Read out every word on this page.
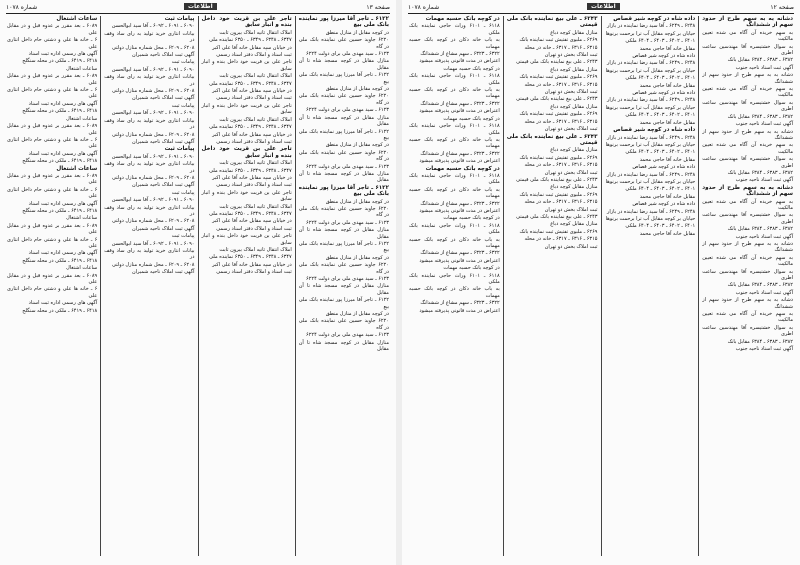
صفحه ۱۳
اطلاعات
شماره ۱۰۷۸

۶۱۲۲ ـ تاجر آقا میرزا پور نماینده بانک ملی بیع

در کوچه مقابل از منازل منطق

۶۲۲۰ جاوید حسین علی نماینده بانک ملی در گاه

۶۱۲۳ ـ سید مهدی ملی برای دولت ۶۲۲۴

منازل مقابل در کوچه مسجد شاه تا آن مقابل

۶۱۲۲ ـ تاجر آقا میرزا پور نماینده بانک ملی بیع

در کوچه مقابل از منازل منطق

۶۲۲۰ جاوید حسین علی نماینده بانک ملی در گاه

۶۱۲۳ ـ سید مهدی ملی برای دولت ۶۲۲۴

منازل مقابل در کوچه مسجد شاه تا آن مقابل

۶۱۲۲ ـ تاجر آقا میرزا پور نماینده بانک ملی بیع

در کوچه مقابل از منازل منطق

۶۲۲۰ جاوید حسین علی نماینده بانک ملی در گاه

۶۱۲۳ ـ سید مهدی ملی برای دولت ۶۲۲۴

منازل مقابل در کوچه مسجد شاه تا آن مقابل

۶۱۲۲ ـ تاجر آقا میرزا پور نماینده بانک ملی بیع

در کوچه مقابل از منازل منطق

۶۲۲۰ جاوید حسین علی نماینده بانک ملی در گاه

۶۱۲۳ ـ سید مهدی ملی برای دولت ۶۲۲۴

منازل مقابل در کوچه مسجد شاه تا آن مقابل

۶۱۲۲ ـ تاجر آقا میرزا پور نماینده بانک ملی بیع

در کوچه مقابل از منازل منطق

۶۲۲۰ جاوید حسین علی نماینده بانک ملی در گاه

۶۱۲۳ ـ سید مهدی ملی برای دولت ۶۲۲۴

منازل مقابل در کوچه مسجد شاه تا آن مقابل

۶۱۲۲ ـ تاجر آقا میرزا پور نماینده بانک ملی بیع

در کوچه مقابل از منازل منطق

۶۲۲۰ جاوید حسین علی نماینده بانک ملی در گاه

۶۱۲۳ ـ سید مهدی ملی برای دولت ۶۲۲۴

منازل مقابل در کوچه مسجد شاه تا آن مقابل

تاجر علی بن قربت خود داخل بنده و انبار سابق

املاک انتقال ثانیه املاک بیرون ثابت

۶۳۴۷ ـ ۶۳۴۸ ـ ۶۳۴۹ ـ ۶۳۵۰ نماینده ملی

در خیابان سپه مقابل خانه آقا علی اکبر

ثبت اسناد و املاک دفتر اسناد رسمی

تاجر علی بن قربت خود داخل بنده و انبار سابق

املاک انتقال ثانیه املاک بیرون ثابت

۶۳۴۷ ـ ۶۳۴۸ ـ ۶۳۴۹ ـ ۶۳۵۰ نماینده ملی

در خیابان سپه مقابل خانه آقا علی اکبر

ثبت اسناد و املاک دفتر اسناد رسمی

تاجر علی بن قربت خود داخل بنده و انبار سابق

املاک انتقال ثانیه املاک بیرون ثابت

۶۳۴۷ ـ ۶۳۴۸ ـ ۶۳۴۹ ـ ۶۳۵۰ نماینده ملی

در خیابان سپه مقابل خانه آقا علی اکبر

ثبت اسناد و املاک دفتر اسناد رسمی

تاجر علی بن قربت خود داخل بنده و انبار سابق

املاک انتقال ثانیه املاک بیرون ثابت

۶۳۴۷ ـ ۶۳۴۸ ـ ۶۳۴۹ ـ ۶۳۵۰ نماینده ملی

در خیابان سپه مقابل خانه آقا علی اکبر

ثبت اسناد و املاک دفتر اسناد رسمی

تاجر علی بن قربت خود داخل بنده و انبار سابق

املاک انتقال ثانیه املاک بیرون ثابت

۶۳۴۷ ـ ۶۳۴۸ ـ ۶۳۴۹ ـ ۶۳۵۰ نماینده ملی

در خیابان سپه مقابل خانه آقا علی اکبر

ثبت اسناد و املاک دفتر اسناد رسمی

تاجر علی بن قربت خود داخل بنده و انبار سابق

املاک انتقال ثانیه املاک بیرون ثابت

۶۳۴۷ ـ ۶۳۴۸ ـ ۶۳۴۹ ـ ۶۳۵۰ نماینده ملی

در خیابان سپه مقابل خانه آقا علی اکبر

ثبت اسناد و املاک دفتر اسناد رسمی

پیامات ثبت

۶۰۹۰ ـ ۶۰۹۱ ـ ۶۰۹۲ ـ آقا سید ابوالحسن

بیانات انتاری خرید تولید به رای ساد وقف در

۶۲۰۸ ـ ۶۲۰۹ ـ محل شماره منازل دولتی

آگهی ثبت املاک ناحیه شمیران

پیامات ثبت

۶۰۹۰ ـ ۶۰۹۱ ـ ۶۰۹۲ ـ آقا سید ابوالحسن

بیانات انتاری خرید تولید به رای ساد وقف در

۶۲۰۸ ـ ۶۲۰۹ ـ محل شماره منازل دولتی

آگهی ثبت املاک ناحیه شمیران

پیامات ثبت

۶۰۹۰ ـ ۶۰۹۱ ـ ۶۰۹۲ ـ آقا سید ابوالحسن

بیانات انتاری خرید تولید به رای ساد وقف در

۶۲۰۸ ـ ۶۲۰۹ ـ محل شماره منازل دولتی

آگهی ثبت املاک ناحیه شمیران

پیامات ثبت

۶۰۹۰ ـ ۶۰۹۱ ـ ۶۰۹۲ ـ آقا سید ابوالحسن

بیانات انتاری خرید تولید به رای ساد وقف در

۶۲۰۸ ـ ۶۲۰۹ ـ محل شماره منازل دولتی

آگهی ثبت املاک ناحیه شمیران

پیامات ثبت

۶۰۹۰ ـ ۶۰۹۱ ـ ۶۰۹۲ ـ آقا سید ابوالحسن

بیانات انتاری خرید تولید به رای ساد وقف در

۶۲۰۸ ـ ۶۲۰۹ ـ محل شماره منازل دولتی

آگهی ثبت املاک ناحیه شمیران

پیامات ثبت

۶۰۹۰ ـ ۶۰۹۱ ـ ۶۰۹۲ ـ آقا سید ابوالحسن

بیانات انتاری خرید تولید به رای ساد وقف در

۶۲۰۸ ـ ۶۲۰۹ ـ محل شماره منازل دولتی

آگهی ثبت املاک ناحیه شمیران

ساعات اشتغال

۶۰۸۹ ـ بعد مقرر بر عدوه قبل و در مقابل علی

۶ ـ خانه ها علی و دشتی حام داخل انتاری علی

آگهی های رسمی اداره ثبت اسناد

۶۴۱۸ ـ ۶۴۱۹ ـ ملکی در محله سنگلج

ساعات اشتغال

۶۰۸۹ ـ بعد مقرر بر عدوه قبل و در مقابل علی

۶ ـ خانه ها علی و دشتی حام داخل انتاری علی

آگهی های رسمی اداره ثبت اسناد

۶۴۱۸ ـ ۶۴۱۹ ـ ملکی در محله سنگلج

ساعات اشتغال

۶۰۸۹ ـ بعد مقرر بر عدوه قبل و در مقابل علی

۶ ـ خانه ها علی و دشتی حام داخل انتاری علی

آگهی های رسمی اداره ثبت اسناد

۶۴۱۸ ـ ۶۴۱۹ ـ ملکی در محله سنگلج

ساعات اشتغال

۶۰۸۹ ـ بعد مقرر بر عدوه قبل و در مقابل علی

۶ ـ خانه ها علی و دشتی حام داخل انتاری علی

آگهی های رسمی اداره ثبت اسناد

۶۴۱۸ ـ ۶۴۱۹ ـ ملکی در محله سنگلج

ساعات اشتغال

۶۰۸۹ ـ بعد مقرر بر عدوه قبل و در مقابل علی

۶ ـ خانه ها علی و دشتی حام داخل انتاری علی

آگهی های رسمی اداره ثبت اسناد

۶۴۱۸ ـ ۶۴۱۹ ـ ملکی در محله سنگلج

ساعات اشتغال

۶۰۸۹ ـ بعد مقرر بر عدوه قبل و در مقابل علی

۶ ـ خانه ها علی و دشتی حام داخل انتاری علی

آگهی های رسمی اداره ثبت اسناد

۶۴۱۸ ـ ۶۴۱۹ ـ ملکی در محله سنگلج

صفحه ۱۲
اطلاعات
شماره ۱۰۷۸

دشانه به به سهم طرح از حدود سهم از ششدانگ

به سهم خریده آن آگاه می شده تعیین مالکیت

به سوال خشتیسره آقا مهندسین ساعت اطری

۶۳۸۲ ـ ۶۳۸۳ ـ ۶۳۸۴ مقابل بانک

آگهی ثبت اسناد ناحیه جنوب

دشانه به به سهم طرح از حدود سهم از ششدانگ

به سهم خریده آن آگاه می شده تعیین مالکیت

به سوال خشتیسره آقا مهندسین ساعت اطری

۶۳۸۲ ـ ۶۳۸۳ ـ ۶۳۸۴ مقابل بانک

آگهی ثبت اسناد ناحیه جنوب

دشانه به به سهم طرح از حدود سهم از ششدانگ

به سهم خریده آن آگاه می شده تعیین مالکیت

به سوال خشتیسره آقا مهندسین ساعت اطری

۶۳۸۲ ـ ۶۳۸۳ ـ ۶۳۸۴ مقابل بانک

آگهی ثبت اسناد ناحیه جنوب

دشانه به به سهم طرح از حدود سهم از ششدانگ

به سهم خریده آن آگاه می شده تعیین مالکیت

به سوال خشتیسره آقا مهندسین ساعت اطری

۶۳۸۲ ـ ۶۳۸۳ ـ ۶۳۸۴ مقابل بانک

آگهی ثبت اسناد ناحیه جنوب

دشانه به به سهم طرح از حدود سهم از ششدانگ

به سهم خریده آن آگاه می شده تعیین مالکیت

به سوال خشتیسره آقا مهندسین ساعت اطری

۶۳۸۲ ـ ۶۳۸۳ ـ ۶۳۸۴ مقابل بانک

آگهی ثبت اسناد ناحیه جنوب

دشانه به به سهم طرح از حدود سهم از ششدانگ

به سهم خریده آن آگاه می شده تعیین مالکیت

به سوال خشتیسره آقا مهندسین ساعت اطری

۶۳۸۲ ـ ۶۳۸۳ ـ ۶۳۸۴ مقابل بانک

آگهی ثبت اسناد ناحیه جنوب

داده شاه در کوچه شیر قصاص

۶۲۴۸ ـ ۶۲۴۹ ـ آقا سید رضا نماینده در بازار

حیابان بر کوچه مقابل آب ترا برحمت برنوها

۶۴۰۱ ـ ۶۴۰۲ ـ ۶۴۰۳ ـ ۶۴۰۴ ملکی

مقابل خانه آقا حاجی محمد

داده شاه در کوچه شیر قصاص

۶۲۴۸ ـ ۶۲۴۹ ـ آقا سید رضا نماینده در بازار

حیابان بر کوچه مقابل آب ترا برحمت برنوها

۶۴۰۱ ـ ۶۴۰۲ ـ ۶۴۰۳ ـ ۶۴۰۴ ملکی

مقابل خانه آقا حاجی محمد

داده شاه در کوچه شیر قصاص

۶۲۴۸ ـ ۶۲۴۹ ـ آقا سید رضا نماینده در بازار

حیابان بر کوچه مقابل آب ترا برحمت برنوها

۶۴۰۱ ـ ۶۴۰۲ ـ ۶۴۰۳ ـ ۶۴۰۴ ملکی

مقابل خانه آقا حاجی محمد

داده شاه در کوچه شیر قصاص

۶۲۴۸ ـ ۶۲۴۹ ـ آقا سید رضا نماینده در بازار

حیابان بر کوچه مقابل آب ترا برحمت برنوها

۶۴۰۱ ـ ۶۴۰۲ ـ ۶۴۰۳ ـ ۶۴۰۴ ملکی

مقابل خانه آقا حاجی محمد

داده شاه در کوچه شیر قصاص

۶۲۴۸ ـ ۶۲۴۹ ـ آقا سید رضا نماینده در بازار

حیابان بر کوچه مقابل آب ترا برحمت برنوها

۶۴۰۱ ـ ۶۴۰۲ ـ ۶۴۰۳ ـ ۶۴۰۴ ملکی

مقابل خانه آقا حاجی محمد

داده شاه در کوچه شیر قصاص

۶۲۴۸ ـ ۶۲۴۹ ـ آقا سید رضا نماینده در بازار

حیابان بر کوچه مقابل آب ترا برحمت برنوها

۶۴۰۱ ـ ۶۴۰۲ ـ ۶۴۰۳ ـ ۶۴۰۴ ملکی

مقابل خانه آقا حاجی محمد

۶۲۴۳ ـ علی بیغ نماینده بانک ملی قیمتی

منازل مقابل کوچه دباغ

۶۲۶۹ ـ ملبوی تفتیش ثبت نماینده بانک

۶۳۱۵ ـ ۶۳۱۶ ـ ۶۳۱۷ ـ خانه در محله

ثبت املاک بخش دو تهران

۶۲۴۳ ـ علی بیغ نماینده بانک ملی قیمتی

منازل مقابل کوچه دباغ

۶۲۶۹ ـ ملبوی تفتیش ثبت نماینده بانک

۶۳۱۵ ـ ۶۳۱۶ ـ ۶۳۱۷ ـ خانه در محله

ثبت املاک بخش دو تهران

۶۲۴۳ ـ علی بیغ نماینده بانک ملی قیمتی

منازل مقابل کوچه دباغ

۶۲۶۹ ـ ملبوی تفتیش ثبت نماینده بانک

۶۳۱۵ ـ ۶۳۱۶ ـ ۶۳۱۷ ـ خانه در محله

ثبت املاک بخش دو تهران

۶۲۴۳ ـ علی بیغ نماینده بانک ملی قیمتی

منازل مقابل کوچه دباغ

۶۲۶۹ ـ ملبوی تفتیش ثبت نماینده بانک

۶۳۱۵ ـ ۶۳۱۶ ـ ۶۳۱۷ ـ خانه در محله

ثبت املاک بخش دو تهران

۶۲۴۳ ـ علی بیغ نماینده بانک ملی قیمتی

منازل مقابل کوچه دباغ

۶۲۶۹ ـ ملبوی تفتیش ثبت نماینده بانک

۶۳۱۵ ـ ۶۳۱۶ ـ ۶۳۱۷ ـ خانه در محله

ثبت املاک بخش دو تهران

۶۲۴۳ ـ علی بیغ نماینده بانک ملی قیمتی

منازل مقابل کوچه دباغ

۶۲۶۹ ـ ملبوی تفتیش ثبت نماینده بانک

۶۳۱۵ ـ ۶۳۱۶ ـ ۶۳۱۷ ـ خانه در محله

ثبت املاک بخش دو تهران

در کوچه بانک حسبه مهمات

۶۱۱۸ ـ ۶۱۰۱ وراث حاجی نماینده بانک ملکی

به باب خانه دکان در کوچه بانک حسبه مهمات

۶۳۲۲ ـ ۶۳۲۳ ـ سهم مشاع از ششدانگ

اعتراض در مدت قانونی پذیرفته میشود

در کوچه بانک حسبه مهمات

۶۱۱۸ ـ ۶۱۰۱ وراث حاجی نماینده بانک ملکی

به باب خانه دکان در کوچه بانک حسبه مهمات

۶۳۲۲ ـ ۶۳۲۳ ـ سهم مشاع از ششدانگ

اعتراض در مدت قانونی پذیرفته میشود

در کوچه بانک حسبه مهمات

۶۱۱۸ ـ ۶۱۰۱ وراث حاجی نماینده بانک ملکی

به باب خانه دکان در کوچه بانک حسبه مهمات

۶۳۲۲ ـ ۶۳۲۳ ـ سهم مشاع از ششدانگ

اعتراض در مدت قانونی پذیرفته میشود

در کوچه بانک حسبه مهمات

۶۱۱۸ ـ ۶۱۰۱ وراث حاجی نماینده بانک ملکی

به باب خانه دکان در کوچه بانک حسبه مهمات

۶۳۲۲ ـ ۶۳۲۳ ـ سهم مشاع از ششدانگ

اعتراض در مدت قانونی پذیرفته میشود

در کوچه بانک حسبه مهمات

۶۱۱۸ ـ ۶۱۰۱ وراث حاجی نماینده بانک ملکی

به باب خانه دکان در کوچه بانک حسبه مهمات

۶۳۲۲ ـ ۶۳۲۳ ـ سهم مشاع از ششدانگ

اعتراض در مدت قانونی پذیرفته میشود

در کوچه بانک حسبه مهمات

۶۱۱۸ ـ ۶۱۰۱ وراث حاجی نماینده بانک ملکی

به باب خانه دکان در کوچه بانک حسبه مهمات

۶۳۲۲ ـ ۶۳۲۳ ـ سهم مشاع از ششدانگ

اعتراض در مدت قانونی پذیرفته میشود
